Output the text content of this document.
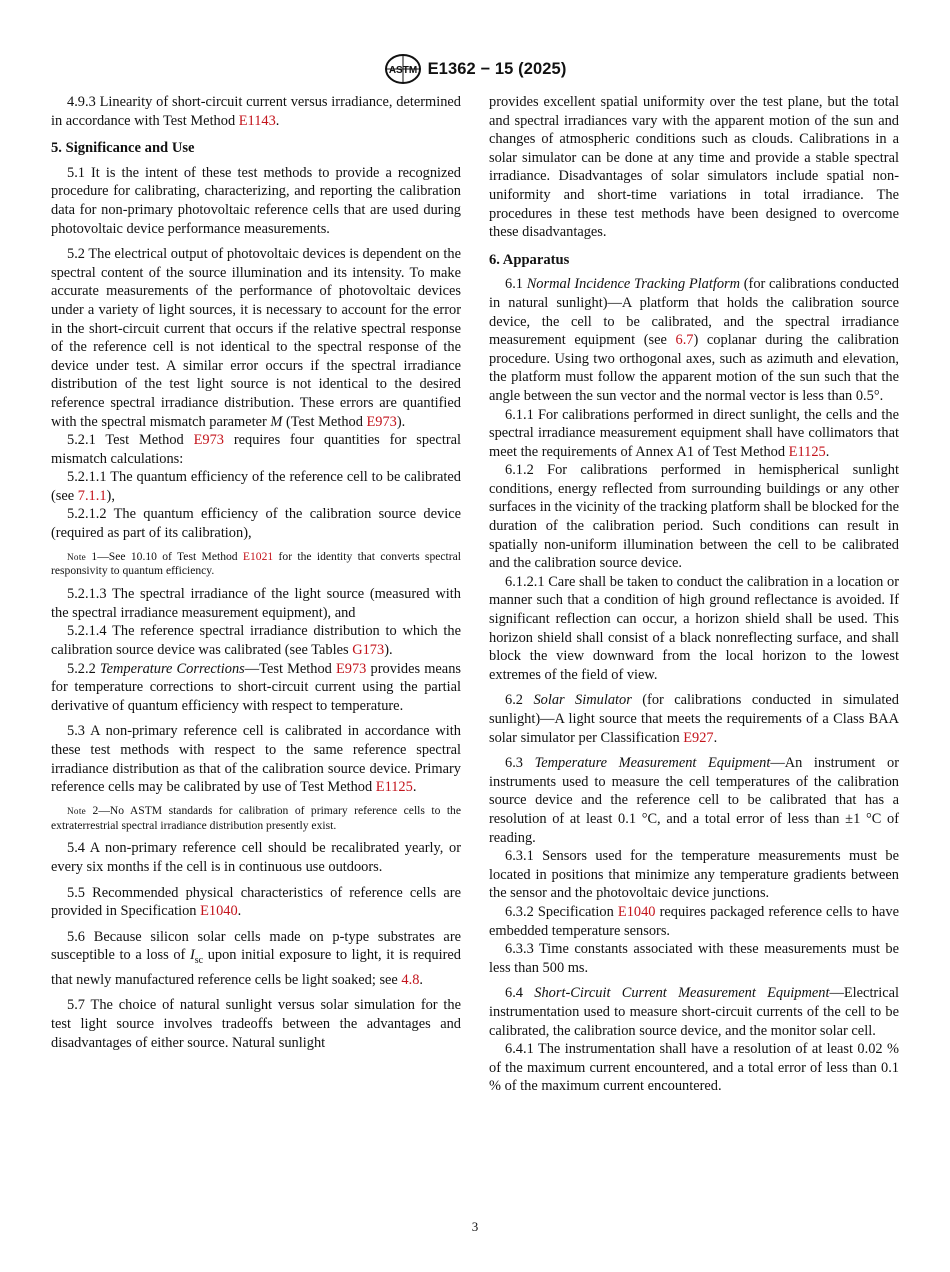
ASTM E1362 − 15 (2025)

4.9.3 Linearity of short-circuit current versus irradiance, determined in accordance with Test Method E1143.

5. Significance and Use

5.1 It is the intent of these test methods to provide a recognized procedure for calibrating, characterizing, and reporting the calibration data for non-primary photovoltaic reference cells that are used during photovoltaic device performance measurements.

5.2 The electrical output of photovoltaic devices is dependent on the spectral content of the source illumination and its intensity. To make accurate measurements of the performance of photovoltaic devices under a variety of light sources, it is necessary to account for the error in the short-circuit current that occurs if the relative spectral response of the reference cell is not identical to the spectral response of the device under test. A similar error occurs if the spectral irradiance distribution of the test light source is not identical to the desired reference spectral irradiance distribution. These errors are quantified with the spectral mismatch parameter M (Test Method E973).

5.2.1 Test Method E973 requires four quantities for spectral mismatch calculations:

5.2.1.1 The quantum efficiency of the reference cell to be calibrated (see 7.1.1),

5.2.1.2 The quantum efficiency of the calibration source device (required as part of its calibration),

Note 1—See 10.10 of Test Method E1021 for the identity that converts spectral responsivity to quantum efficiency.

5.2.1.3 The spectral irradiance of the light source (measured with the spectral irradiance measurement equipment), and

5.2.1.4 The reference spectral irradiance distribution to which the calibration source device was calibrated (see Tables G173).

5.2.2 Temperature Corrections—Test Method E973 provides means for temperature corrections to short-circuit current using the partial derivative of quantum efficiency with respect to temperature.

5.3 A non-primary reference cell is calibrated in accordance with these test methods with respect to the same reference spectral irradiance distribution as that of the calibration source device. Primary reference cells may be calibrated by use of Test Method E1125.

Note 2—No ASTM standards for calibration of primary reference cells to the extraterrestrial spectral irradiance distribution presently exist.

5.4 A non-primary reference cell should be recalibrated yearly, or every six months if the cell is in continuous use outdoors.

5.5 Recommended physical characteristics of reference cells are provided in Specification E1040.

5.6 Because silicon solar cells made on p-type substrates are susceptible to a loss of $I_{sc}$ upon initial exposure to light, it is required that newly manufactured reference cells be light soaked; see 4.8.

5.7 The choice of natural sunlight versus solar simulation for the test light source involves tradeoffs between the advantages and disadvantages of either source. Natural sunlight

provides excellent spatial uniformity over the test plane, but the total and spectral irradiances vary with the apparent motion of the sun and changes of atmospheric conditions such as clouds. Calibrations in a solar simulator can be done at any time and provide a stable spectral irradiance. Disadvantages of solar simulators include spatial non-uniformity and short-time variations in total irradiance. The procedures in these test methods have been designed to overcome these disadvantages.

6. Apparatus

6.1 Normal Incidence Tracking Platform (for calibrations conducted in natural sunlight)—A platform that holds the calibration source device, the cell to be calibrated, and the spectral irradiance measurement equipment (see 6.7) coplanar during the calibration procedure. Using two orthogonal axes, such as azimuth and elevation, the platform must follow the apparent motion of the sun such that the angle between the sun vector and the normal vector is less than 0.5°.

6.1.1 For calibrations performed in direct sunlight, the cells and the spectral irradiance measurement equipment shall have collimators that meet the requirements of Annex A1 of Test Method E1125.

6.1.2 For calibrations performed in hemispherical sunlight conditions, energy reflected from surrounding buildings or any other surfaces in the vicinity of the tracking platform shall be blocked for the duration of the calibration period. Such conditions can result in spatially non-uniform illumination between the cell to be calibrated and the calibration source device.

6.1.2.1 Care shall be taken to conduct the calibration in a location or manner such that a condition of high ground reflectance is avoided. If significant reflection can occur, a horizon shield shall be used. This horizon shield shall consist of a black nonreflecting surface, and shall block the view downward from the local horizon to the lowest extremes of the field of view.

6.2 Solar Simulator (for calibrations conducted in simulated sunlight)—A light source that meets the requirements of a Class BAA solar simulator per Classification E927.

6.3 Temperature Measurement Equipment—An instrument or instruments used to measure the cell temperatures of the calibration source device and the reference cell to be calibrated that has a resolution of at least 0.1 °C, and a total error of less than ±1 °C of reading.

6.3.1 Sensors used for the temperature measurements must be located in positions that minimize any temperature gradients between the sensor and the photovoltaic device junctions.

6.3.2 Specification E1040 requires packaged reference cells to have embedded temperature sensors.

6.3.3 Time constants associated with these measurements must be less than 500 ms.

6.4 Short-Circuit Current Measurement Equipment—Electrical instrumentation used to measure short-circuit currents of the cell to be calibrated, the calibration source device, and the monitor solar cell.

6.4.1 The instrumentation shall have a resolution of at least 0.02 % of the maximum current encountered, and a total error of less than 0.1 % of the maximum current encountered.

3
